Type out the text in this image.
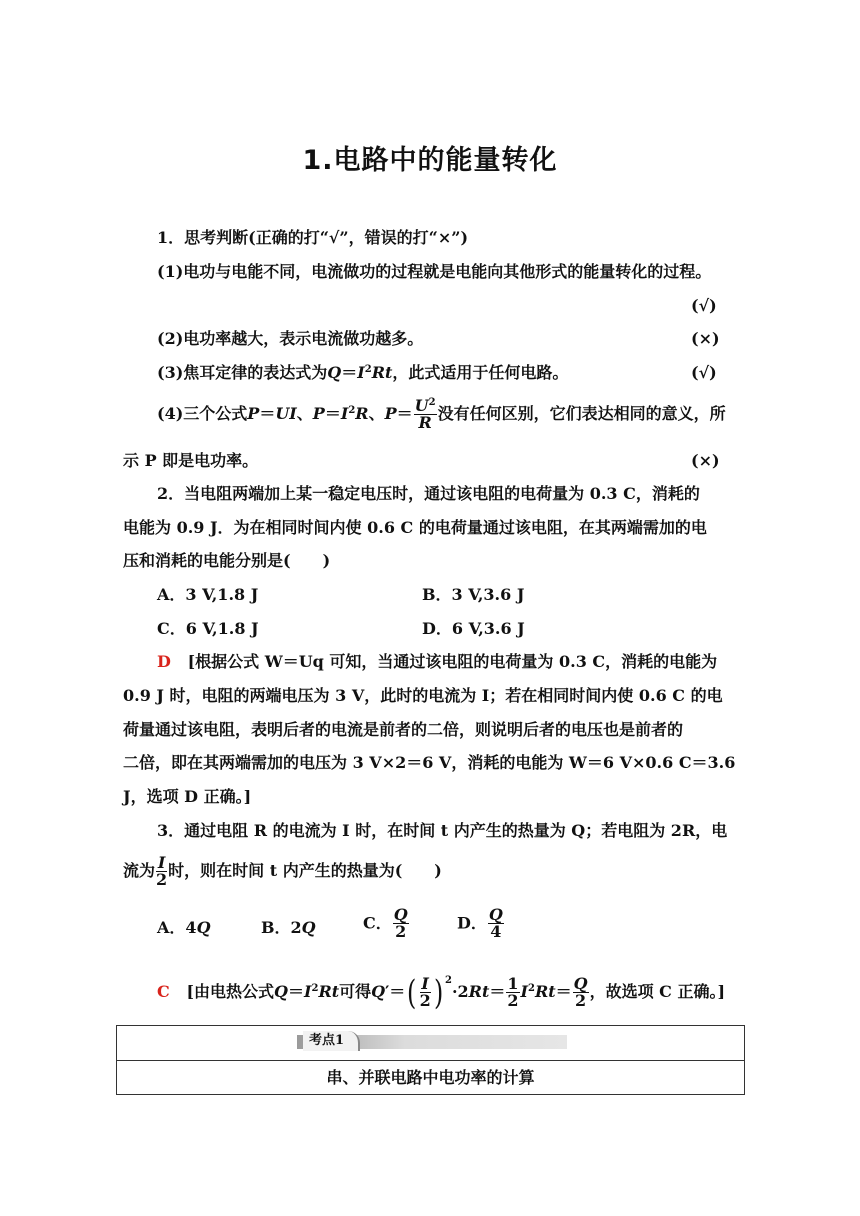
1.电路中的能量转化
1．思考判断(正确的打“√”，错误的打“×”)
(1)电功与电能不同，电流做功的过程就是电能向其他形式的能量转化的过程。
(√)
(2)电功率越大，表示电流做功越多。	(×)
(3)焦耳定律的表达式为$Q=I^2Rt$，此式适用于任何电路。	(√)
(4)三个公式P＝UI、$P=I^2R$、$P= \frac{U^2}{R}$ 没有任何区别，它们表达相同的意义，所
示 P 即是电功率。	(×)
2．当电阻两端加上某一稳定电压时，通过该电阻的电荷量为 0.3 C，消耗的
电能为 0.9 J．为在相同时间内使 0.6 C 的电荷量通过该电阻，在其两端需加的电
压和消耗的电能分别是(　　)
A．3 V,1.8 J	B．3 V,3.6 J
C．6 V,1.8 J	D．6 V,3.6 J
D [根据公式 W＝Uq 可知，当通过该电阻的电荷量为 0.3 C，消耗的电能为
0.9 J 时，电阻的两端电压为 3 V，此时的电流为 I；若在相同时间内使 0.6 C 的电
荷量通过该电阻，表明后者的电流是前者的二倍，则说明后者的电压也是前者的
二倍，即在其两端需加的电压为 3 V×2＝6 V，消耗的电能为 W＝6 V×0.6 C＝3.6
J，选项 D 正确。]
3．通过电阻 R 的电流为 I 时，在时间 t 内产生的热量为 Q；若电阻为 2R，电
流为 $\frac{I}{2}$ 时，则在时间 t 内产生的热量为(　　)
A．4Q	B．2Q	C． $\frac{Q}{2}$	D． $\frac{Q}{4}$
C [由电热公式$Q=I^2Rt$可得$Q'=( \frac{I}{2}$ ) $^2\cdot 2Rt= \frac{1}{2} I^2Rt= \frac{Q}{2}$ ，故选项 C 正确。]
考点1
串、并联电路中电功率的计算
